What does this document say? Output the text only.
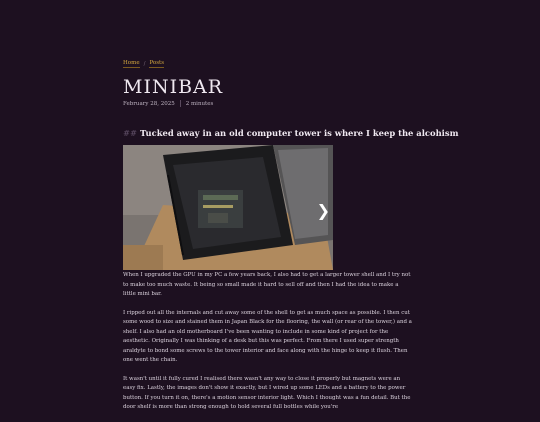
Home / Posts
MINIBAR
February 28, 2025 2 minutes
## Tucked away in an old computer tower is where I keep the alcohism
❯

When I upgraded the GPU in my PC a few years back, I also had to get a larger tower shell and I try not to make too much waste. It being so small made it hard to sell off and then I had the idea to make a little mini bar.

I ripped out all the internals and cut away some of the shell to get as much space as possible. I then cut some wood to size and stained them in Japan Black for the flooring, the wall (or rear of the tower,) and a shelf. I also had an old motherboard I've been wanting to include in some kind of project for the aesthetic. Originally I was thinking of a desk but this was perfect. From there I used super strength araldyte to bond some screws to the tower interior and face along with the hinge to keep it flush. Then one went the chain.

It wasn't until it fully cured I realised there wasn't any way to close it properly but magnets were an easy fix. Lastly, the images don't show it exactly, but I wired up some LEDs and a battery to the power button. If you turn it on, there's a motion sensor interior light. Which I thought was a fun detail. But the door shelf is more than strong enough to hold several full bottles while you're
